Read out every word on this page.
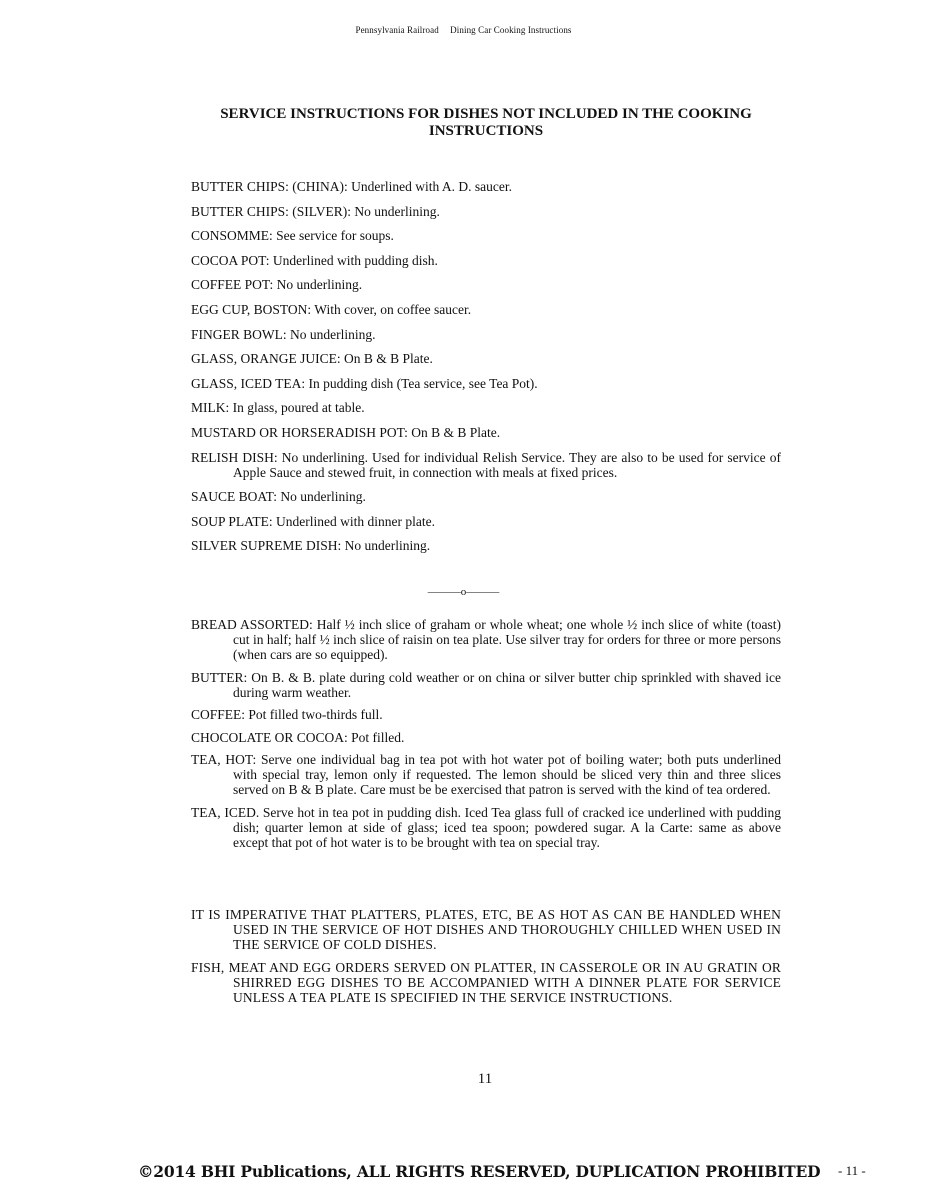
Pennsylvania Railroad Dining Car Cooking Instructions
SERVICE INSTRUCTIONS FOR DISHES NOT INCLUDED IN THE COOKING INSTRUCTIONS
BUTTER CHIPS: (CHINA): Underlined with A. D. saucer.
BUTTER CHIPS: (SILVER): No underlining.
CONSOMME: See service for soups.
COCOA POT: Underlined with pudding dish.
COFFEE POT: No underlining.
EGG CUP, BOSTON: With cover, on coffee saucer.
FINGER BOWL: No underlining.
GLASS, ORANGE JUICE: On B & B Plate.
GLASS, ICED TEA: In pudding dish (Tea service, see Tea Pot).
MILK: In glass, poured at table.
MUSTARD OR HORSERADISH POT: On B & B Plate.
RELISH DISH: No underlining. Used for individual Relish Service. They are also to be used for service of Apple Sauce and stewed fruit, in connection with meals at fixed prices.
SAUCE BOAT: No underlining.
SOUP PLATE: Underlined with dinner plate.
SILVER SUPREME DISH: No underlining.
———o———
BREAD ASSORTED: Half ½ inch slice of graham or whole wheat; one whole ½ inch slice of white (toast) cut in half; half ½ inch slice of raisin on tea plate. Use silver tray for orders for three or more persons (when cars are so equipped).
BUTTER: On B. & B. plate during cold weather or on china or silver butter chip sprinkled with shaved ice during warm weather.
COFFEE: Pot filled two-thirds full.
CHOCOLATE OR COCOA: Pot filled.
TEA, HOT: Serve one individual bag in tea pot with hot water pot of boiling water; both puts underlined with special tray, lemon only if requested. The lemon should be sliced very thin and three slices served on B & B plate. Care must be be exercised that patron is served with the kind of tea ordered.
TEA, ICED. Serve hot in tea pot in pudding dish. Iced Tea glass full of cracked ice underlined with pudding dish; quarter lemon at side of glass; iced tea spoon; powdered sugar. A la Carte: same as above except that pot of hot water is to be brought with tea on special tray.
IT IS IMPERATIVE THAT PLATTERS, PLATES, ETC, BE AS HOT AS CAN BE HANDLED WHEN USED IN THE SERVICE OF HOT DISHES AND THOROUGHLY CHILLED WHEN USED IN THE SERVICE OF COLD DISHES.
FISH, MEAT AND EGG ORDERS SERVED ON PLATTER, IN CASSEROLE OR IN AU GRATIN OR SHIRRED EGG DISHES TO BE ACCOMPANIED WITH A DINNER PLATE FOR SERVICE UNLESS A TEA PLATE IS SPECIFIED IN THE SERVICE INSTRUCTIONS.
11
©2014 BHI Publications, ALL RIGHTS RESERVED, DUPLICATION PROHIBITED - 11 -
